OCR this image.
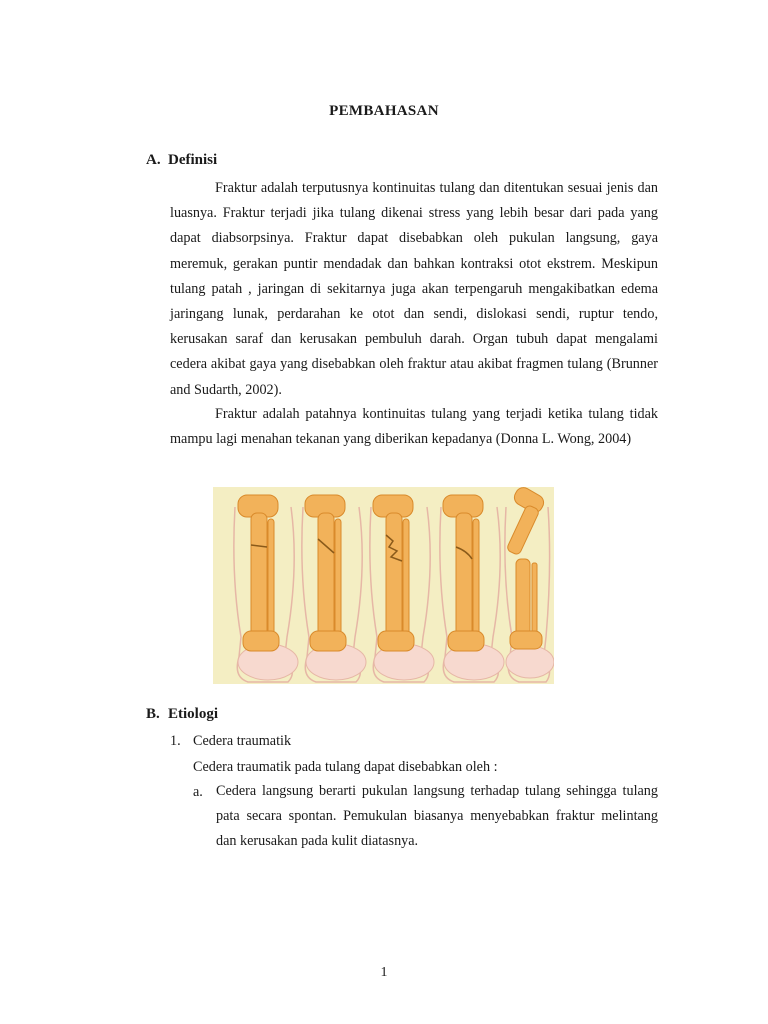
PEMBAHASAN
A. Definisi

Fraktur adalah terputusnya kontinuitas tulang dan ditentukan sesuai jenis dan luasnya. Fraktur terjadi jika tulang dikenai stress yang lebih besar dari pada yang dapat diabsorpsinya. Fraktur dapat disebabkan oleh pukulan langsung, gaya meremuk, gerakan puntir mendadak dan bahkan kontraksi otot ekstrem. Meskipun tulang patah , jaringan di sekitarnya juga akan terpengaruh mengakibatkan edema jaringang lunak, perdarahan ke otot dan sendi, dislokasi sendi, ruptur tendo, kerusakan saraf dan kerusakan pembuluh darah. Organ tubuh dapat mengalami cedera akibat gaya yang disebabkan oleh fraktur atau akibat fragmen tulang (Brunner and Sudarth, 2002).

Fraktur adalah patahnya kontinuitas tulang yang terjadi ketika tulang tidak mampu lagi menahan tekanan yang diberikan kepadanya (Donna L. Wong, 2004)

B. Etiologi
1. Cedera traumatik
Cedera traumatik pada tulang dapat disebabkan oleh :
a. Cedera langsung berarti pukulan langsung terhadap tulang sehingga tulang pata secara spontan. Pemukulan biasanya menyebabkan fraktur melintang dan kerusakan pada kulit diatasnya.

1
